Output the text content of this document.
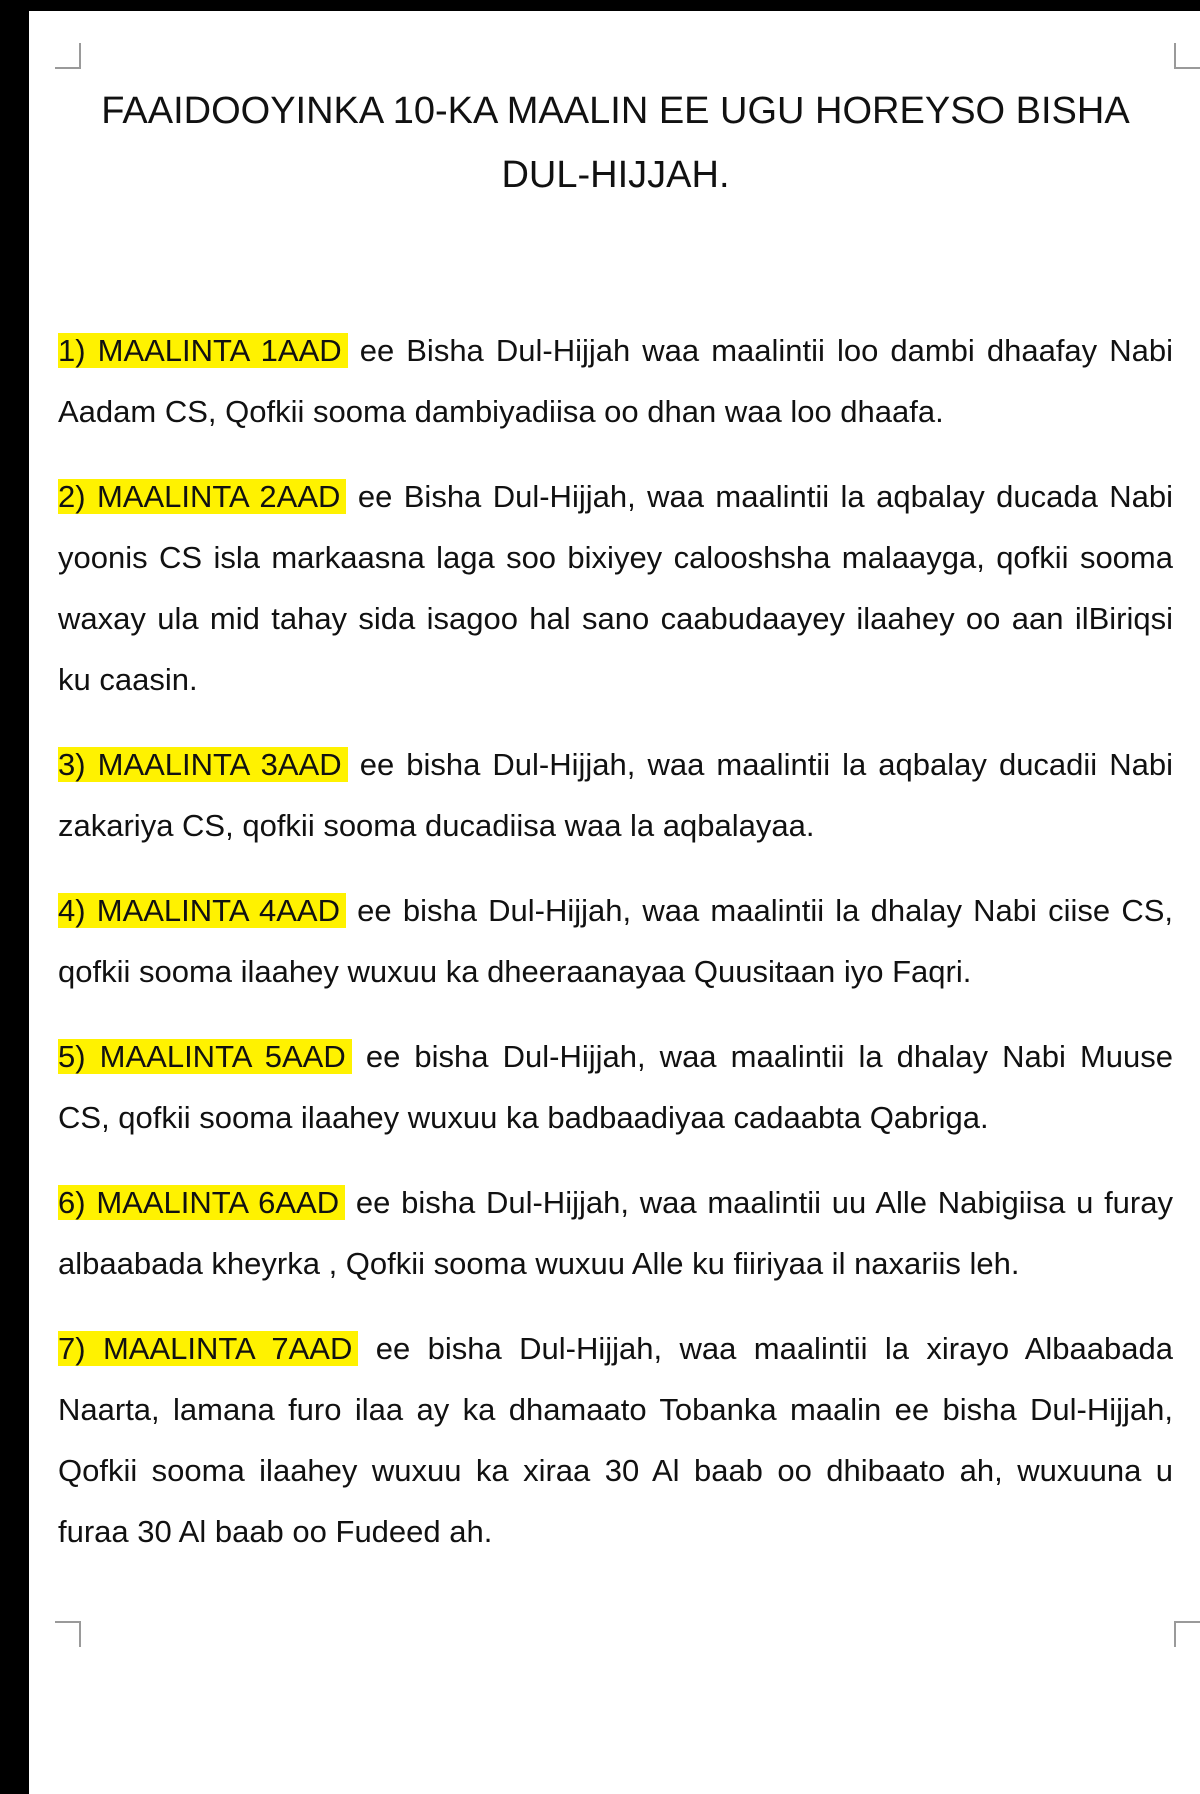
FAAIDOOYINKA 10-KA MAALIN EE UGU HOREYSO BISHA DUL-HIJJAH.

1) MAALINTA 1AAD ee Bisha Dul-Hijjah waa maalintii loo dambi dhaafay Nabi Aadam CS, Qofkii sooma dambiyadiisa oo dhan waa loo dhaafa.

2) MAALINTA 2AAD ee Bisha Dul-Hijjah, waa maalintii la aqbalay ducada Nabi yoonis CS isla markaasna laga soo bixiyey calooshsha malaayga, qofkii sooma waxay ula mid tahay sida isagoo hal sano caabudaayey ilaahey oo aan ilBiriqsi ku caasin.

3) MAALINTA 3AAD ee bisha Dul-Hijjah, waa maalintii la aqbalay ducadii Nabi zakariya CS, qofkii sooma ducadiisa waa la aqbalayaa.

4) MAALINTA 4AAD ee bisha Dul-Hijjah, waa maalintii la dhalay Nabi ciise CS, qofkii sooma ilaahey wuxuu ka dheeraanayaa Quusitaan iyo Faqri.

5) MAALINTA 5AAD ee bisha Dul-Hijjah, waa maalintii la dhalay Nabi Muuse CS, qofkii sooma ilaahey wuxuu ka badbaadiyaa cadaabta Qabriga.

6) MAALINTA 6AAD ee bisha Dul-Hijjah, waa maalintii uu Alle Nabigiisa u furay albaabada kheyrka , Qofkii sooma wuxuu Alle ku fiiriyaa il naxariis leh.

7) MAALINTA 7AAD ee bisha Dul-Hijjah, waa maalintii la xirayo Albaabada Naarta, lamana furo ilaa ay ka dhamaato Tobanka maalin ee bisha Dul-Hijjah, Qofkii sooma ilaahey wuxuu ka xiraa 30 Al baab oo dhibaato ah, wuxuuna u furaa 30 Al baab oo Fudeed ah.
